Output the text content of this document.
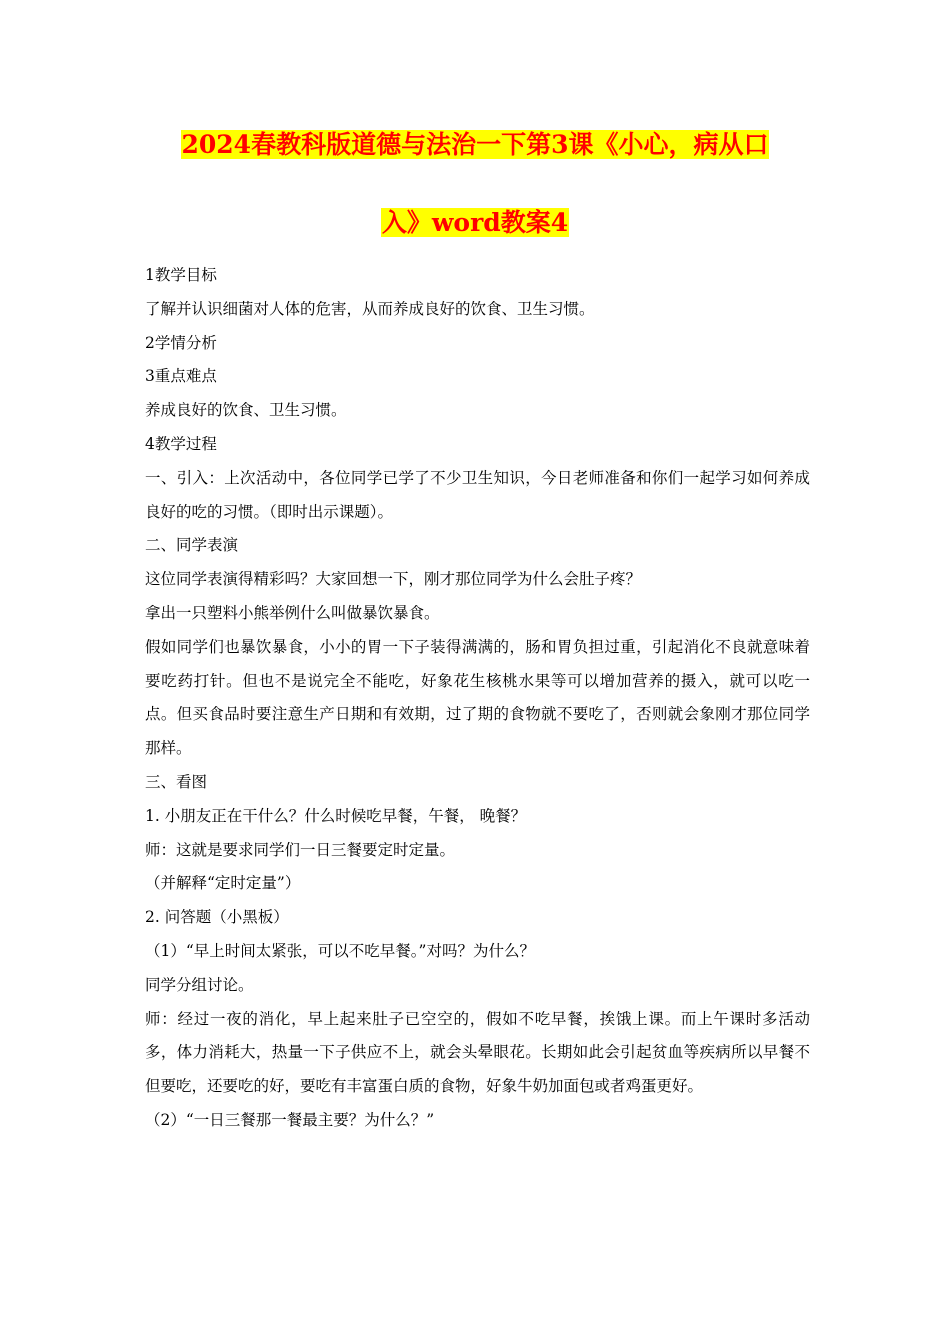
2024春教科版道德与法治一下第3课《小心，病从口
入》word教案4
1教学目标
了解并认识细菌对人体的危害，从而养成良好的饮食、卫生习惯。
2学情分析
3重点难点
养成良好的饮食、卫生习惯。
4教学过程
一、引入：上次活动中，各位同学已学了不少卫生知识，今日老师准备和你们一起学习如何养成良好的吃的习惯。（即时出示课题）。
二、同学表演
这位同学表演得精彩吗？大家回想一下，刚才那位同学为什么会肚子疼？
拿出一只塑料小熊举例什么叫做暴饮暴食。
假如同学们也暴饮暴食，小小的胃一下子装得满满的，肠和胃负担过重，引起消化不良就意味着要吃药打针。但也不是说完全不能吃，好象花生核桃水果等可以增加营养的摄入，就可以吃一点。但买食品时要注意生产日期和有效期，过了期的食物就不要吃了，否则就会象刚才那位同学那样。
三、看图
1. 小朋友正在干什么？什么时候吃早餐，午餐， 晚餐？
师：这就是要求同学们一日三餐要定时定量。
（并解释“定时定量”）
2. 问答题（小黑板）
（1）“早上时间太紧张，可以不吃早餐。”对吗？为什么？
同学分组讨论。
师：经过一夜的消化，早上起来肚子已空空的，假如不吃早餐，挨饿上课。而上午课时多活动多，体力消耗大，热量一下子供应不上，就会头晕眼花。长期如此会引起贫血等疾病所以早餐不但要吃，还要吃的好，要吃有丰富蛋白质的食物，好象牛奶加面包或者鸡蛋更好。
（2）“一日三餐那一餐最主要？为什么？”
